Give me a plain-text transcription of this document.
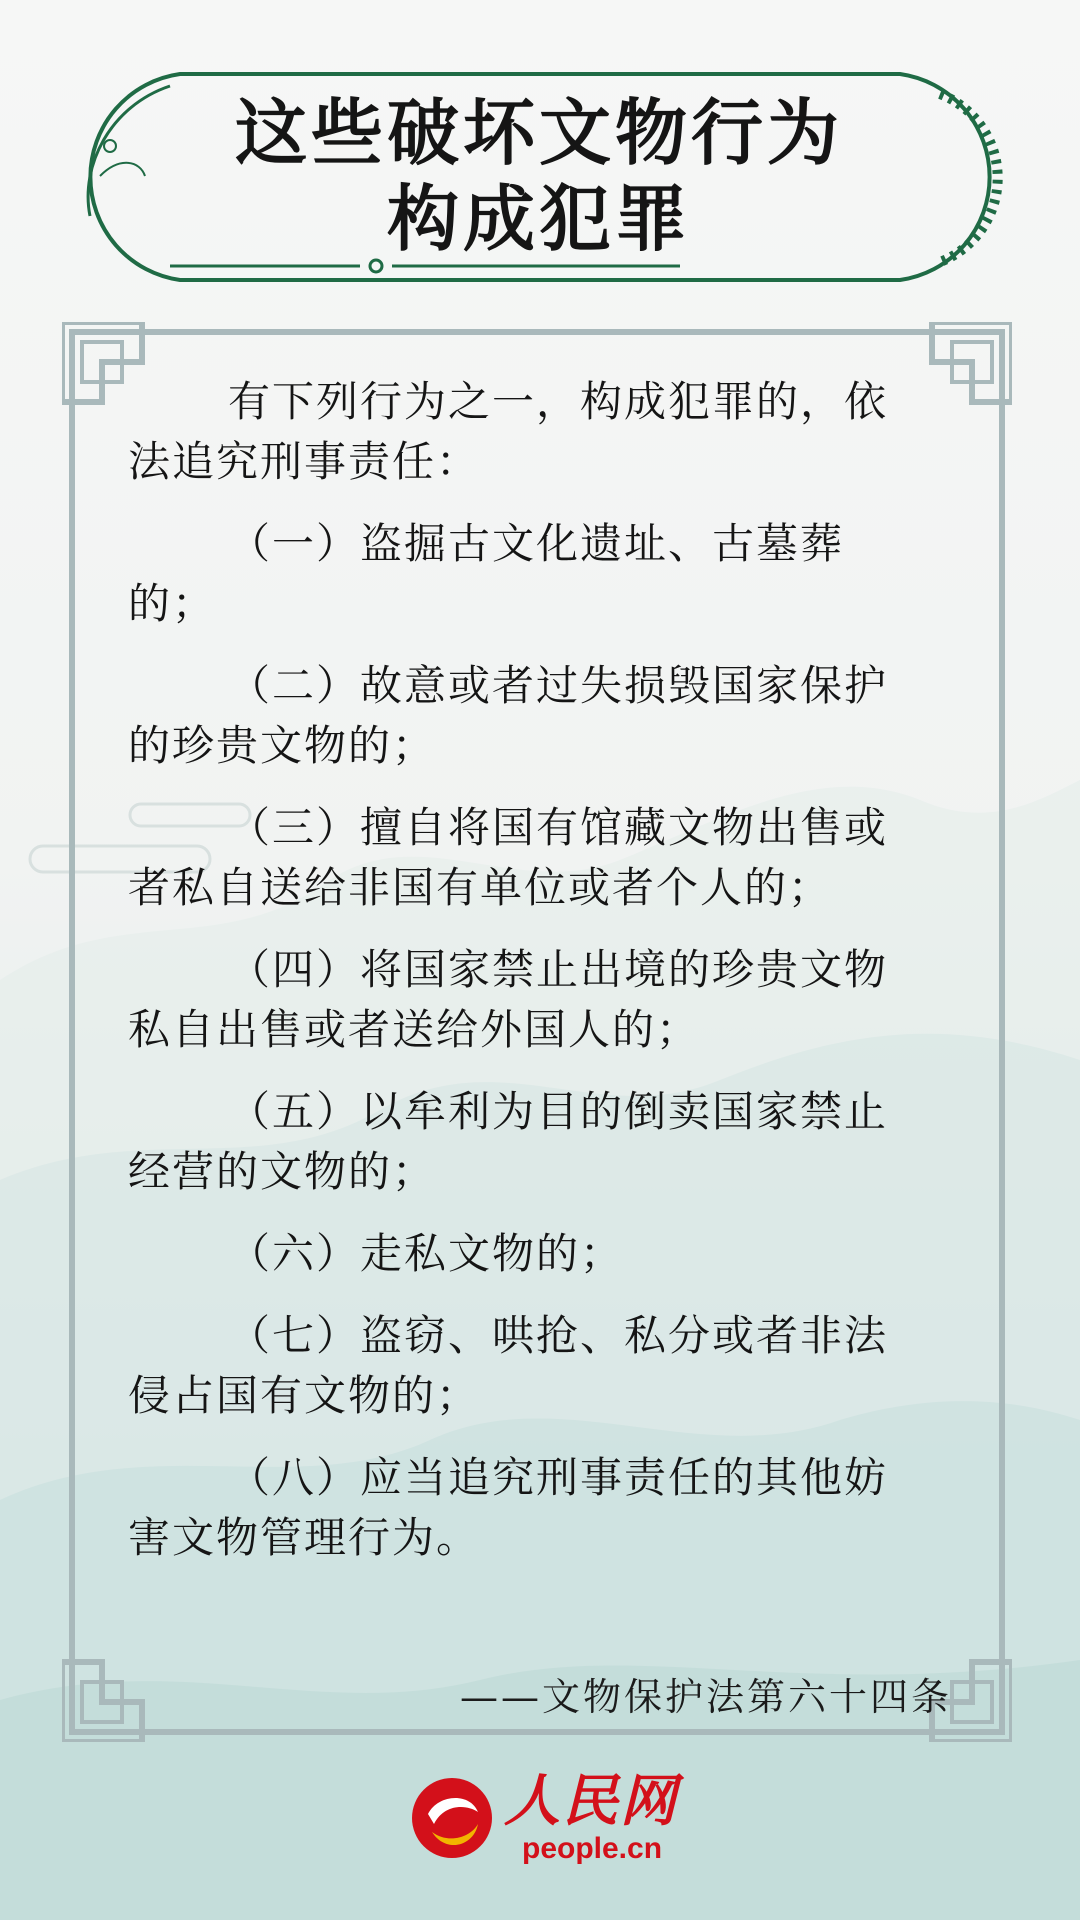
这些破坏文物行为
构成犯罪

有下列行为之一，构成犯罪的，依法追究刑事责任：

（一）盗掘古文化遗址、古墓葬的；

（二）故意或者过失损毁国家保护的珍贵文物的；

（三）擅自将国有馆藏文物出售或者私自送给非国有单位或者个人的；

（四）将国家禁止出境的珍贵文物私自出售或者送给外国人的；

（五）以牟利为目的倒卖国家禁止经营的文物的；

（六）走私文物的；

（七）盗窃、哄抢、私分或者非法侵占国有文物的；

（八）应当追究刑事责任的其他妨害文物管理行为。

——文物保护法第六十四条
人民网
people.cn
